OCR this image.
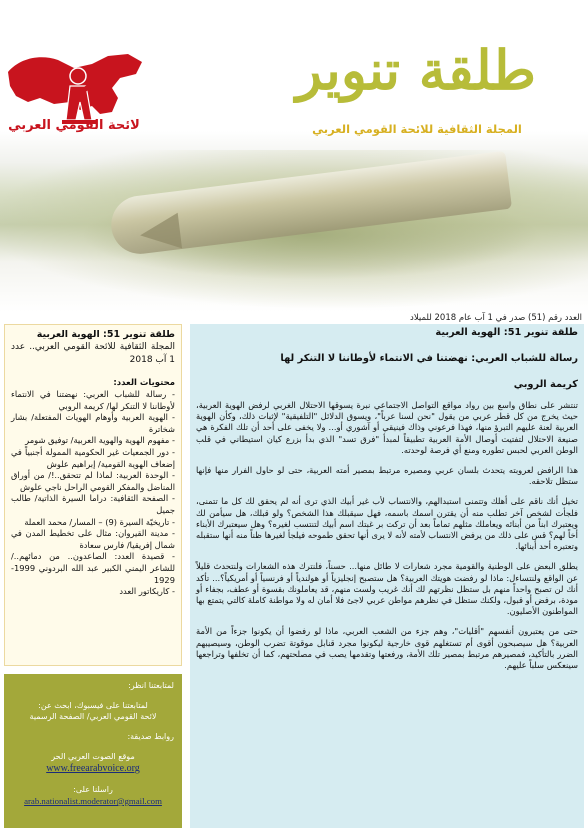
لائحة القومي العربي
طلقة تنوير
المجلة الثقافية للائحة القومي العربي
العدد رقم (51) صدر في 1 آب عام 2018 للميلاد
طلقة تنوير 51: الهوية العربية
المجلة الثقافية للائحة القومي العربي.. عدد 1 آب 2018
محتويات العدد:
- رسالة للشباب العربي: نهضتنا في الانتماء لأوطاننا لا التنكر لها/ كريمة الروبي
- الهوية العربية وأوهام الهويات المفتعلة/ بشار شخاترة
- مفهوم الهوية والهوية العربية/ توفيق شومر
- دور الجمعيات غير الحكومية الممولة أجنبياً في إضعاف الهوية القومية/ إبراهيم علوش
- الوحدة العربية: لماذا لم تتحقق..!/ من أوراق المناضل والمفكر القومي الراحل ناجي علوش
- الصفحة الثقافية: دراما السيرة الذاتية/ طالب جميل
- تاريخيّة السيرة (9) – المسار/ محمد العملة
- مدينة القيروان: مثال على تخطيط المدن في شمال إفريقيا/ فارس سعادة
- قصيدة العدد: الصاعدون.. من دمائهم../ للشاعر اليمني الكبير عبد الله البردوني 1999-1929
- كاريكاتور العدد
لمتابعتنا انظر:
لمتابعتنا على فيسبوك، ابحث عن:
لائحة القومي العربي/ الصفحة الرسمية
روابط صديقة:
موقع الصوت العربي الحر
www.freearabvoice.org
راسلنا على:
arab.nationalist.moderator@gmail.com
طلقة تنوير 51: الهوية العربية
رسالة للشباب العربي: نهضتنا في الانتماء لأوطاننا لا التنكر لها
كريمة الروبي

تنتشر على نطاق واسع بين رواد مواقع التواصل الاجتماعي نبرة يسوقها الاحتلال الغربي لرفض الهوية العربية، حيث يخرج من كل قطر عربي من يقول "نحن لسنا عرباً"، ويسوق الدلائل "التلفيقية" لإثبات ذلك، وكأن الهوية العربية لعنة عليهم التبرؤ منها، فهذا فرعوني وذاك فينيقي أو آشوري أو... ولا يخفى على أحد أن تلك الفكرة هي صنيعة الاحتلال لتفتيت أوصال الأمة العربية تطبيقاً لمبدأ "فرق تسد" الذي بدأ بزرع كيان استيطاني في قلب الوطن العربي لحبس تطوره ومنع أي فرصة لوحدته.

هذا الرافض لعروبته يتحدث بلسان عربي ومصيره مرتبط بمصير أمته العربية، حتى لو حاول الفرار منها فإنها ستظل تلاحقه.

تخيل أنك ناقم على أهلك وتتمنى استبدالهم، والانتساب لأب غير أبيك الذي ترى أنه لم يحقق لك كل ما تتمنى، فلجأت لشخص آخر تطلب منه أن يقترن اسمك باسمه، فهل سيقبلك هذا الشخص؟ ولو قبلك، هل سيأمن لك ويعتبرك ابناً من أبنائه ويعاملك مثلهم تماماً بعد أن تركت بر غبتك اسم أبيك لتنتسب لغيره؟ وهل سيعتبرك الأبناء أخاً لهم؟ قس على ذلك من يرفض الانتساب لأمته لأنه لا يرى أنها تحقق طموحه فيلجأ لغيرها ظناً منه أنها ستقبله وتعتبره أحد أبنائها.

يطلق البعض على الوطنية والقومية مجرد شعارات لا طائل منها... حسناً، فلنترك هذه الشعارات ولنتحدث قليلاً عن الواقع ولنتساءل: ماذا لو رفضت هويتك العربية؟ هل ستصبح إنجليزياً أو هولندياً أو فرنسياً أو أمريكياً؟... تأكد أنك لن تصبح واحداً منهم بل ستظل نظرتهم لك أنك غريب ولست منهم، قد يعاملونك بقسوة أو عطف، بجفاء أو مودة، برفض أو قبول، ولكنك ستظل في نظرهم مواطن عربي لاجئ فلا أمان له ولا مواطنة كاملة كالتي يتمتع بها المواطنون الأصليون.

حتى من يعتبرون أنفسهم "أقليات"، وهم جزء من الشعب العربي، ماذا لو رفضوا أن يكونوا جزءاً من الأمة العربية؟ هل سيصبحون أقوى أم تستغلهم قوى خارجية ليكونوا مجرد قنابل موقوتة تضرب الوطن، وسيصيبهم الضرر بالتأكيد، فمصيرهم مرتبط بمصير تلك الأمة، ورفعتها وتقدمها يصب في مصلحتهم، كما أن تخلفها وتراجعها سينعكس سلباً عليهم.
